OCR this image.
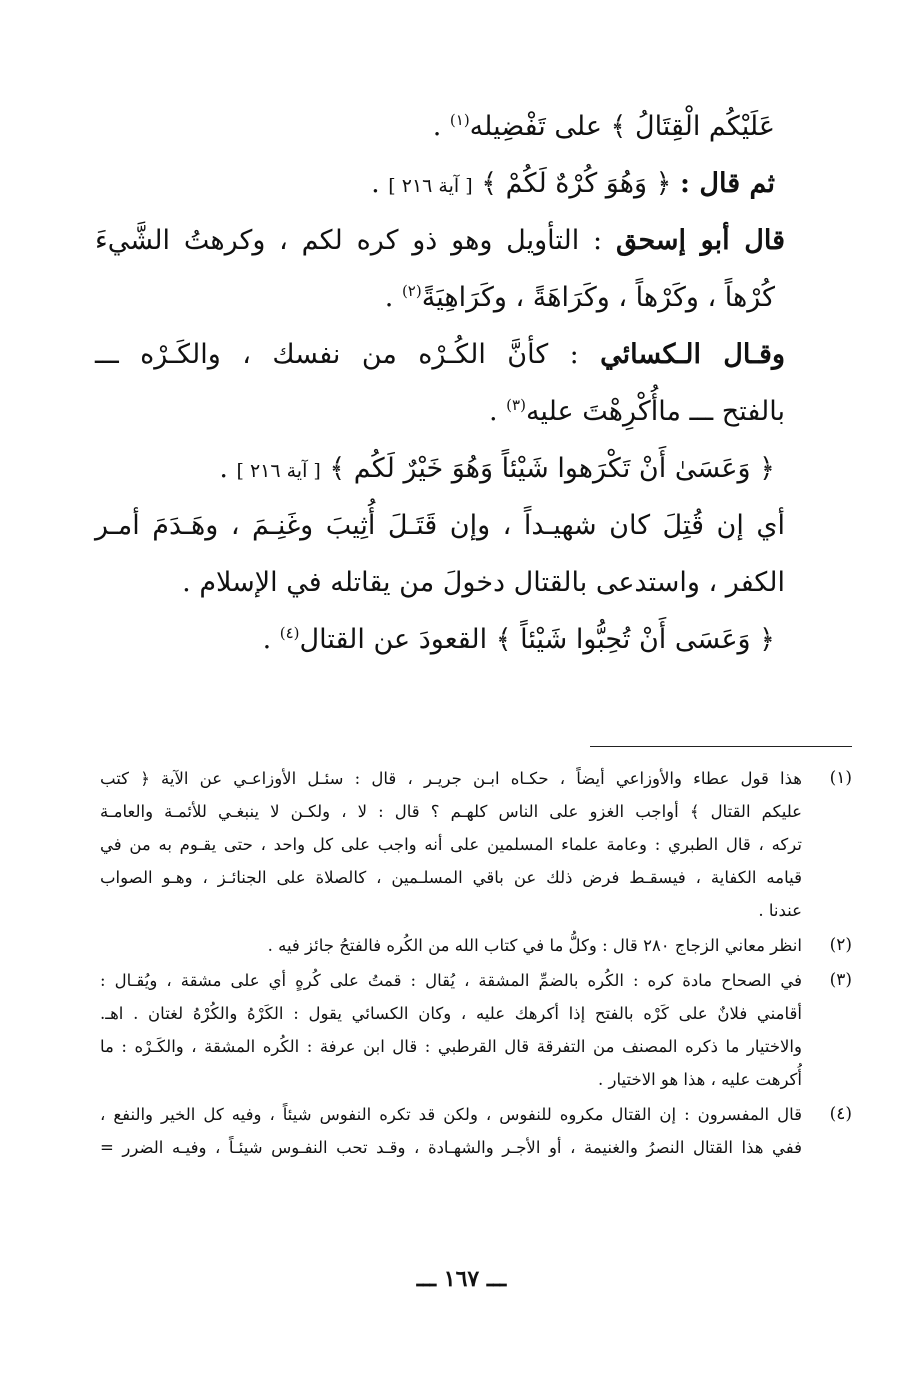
عَلَيْكُم الْقِتَالُ ﴾ على تَفْضِيله$^{(١)}$ .
ثم قال : ﴿ وَهُوَ كُرْهٌ لَكُمْ ﴾ [ آية ٢١٦ ] .
قال أبو إسحق : التأويل وهو ذو كره لكم ، وكرهتُ الشَّيءَ
كُرْهاً ، وكَرْهاً ، وكَرَاهَةً ، وكَرَاهِيَةً$^{(٢)}$ .
وقـال الـكسائي : كأنَّ الكُـرْه من نفسك ، والكَـرْه ـــ
بالفتح ـــ ماأُكْرِهْتَ عليه$^{(٣)}$ .
﴿ وَعَسَىٰ أَنْ تَكْرَهوا شَيْئاً وَهُوَ خَيْرٌ لَكُم ﴾ [ آية ٢١٦ ] .
أي إن قُتِلَ كان شهيـداً ، وإن قَتَـلَ أُثِيبَ وغَنِـمَ ، وهَـدَمَ أمـر
الكفر ، واستدعى بالقتال دخولَ من يقاتله في الإسلام .
﴿ وَعَسَى أَنْ تُحِبُّوا شَيْئاً ﴾ القعودَ عن القتال$^{(٤)}$ .
(١)
هذا قول عطاء والأوزاعي أيضاً ، حكـاه ابـن جريـر ، قال : سئـل الأوزاعـي عن الآية ﴿ كتب
عليكم القتال ﴾ أواجب الغزو على الناس كلهـم ؟ قال : لا ، ولكـن لا ينبغـي للأئمـة والعامـة
تركه ، قال الطبري : وعامة علماء المسلمين على أنه واجب على كل واحد ، حتى يقـوم به من في
قيامه الكفاية ، فيسقـط فرض ذلك عن باقي المسلـمين ، كالصلاة على الجنائـز ، وهـو الصواب
عندنا .
(٢)
انظر معاني الزجاج ٢٨٠ قال : وكلُّ ما في كتاب الله من الكُره فالفتحُ جائز فيه .
(٣)
في الصحاح مادة كره : الكُره بالضمِّ المشقة ، يُقال : قمتُ على كُرهٍ أي على مشقة ، ويُقـال :
أقامني فلانٌ على كَرْه بالفتح إذا أكرهك عليه ، وكان الكسائي يقول : الكَرْهُ والكُرْهُ لغتان . اهـ.
والاختيار ما ذكره المصنف من التفرقة قال القرطبي : قال ابن عرفة : الكُره المشقة ، والكَـرْه : ما
أُكرهت عليه ، هذا هو الاختيار .
(٤)
قال المفسرون : إن القتال مكروه للنفوس ، ولكن قد تكره النفوس شيئاً ، وفيه كل الخير والنفع ،
ففي هذا القتال النصرُ والغنيمة ، أو الأجـر والشهـادة ، وقـد تحب النفـوس شيئـاً ، وفيـه الضرر =
ـــ ١٦٧ ـــ
